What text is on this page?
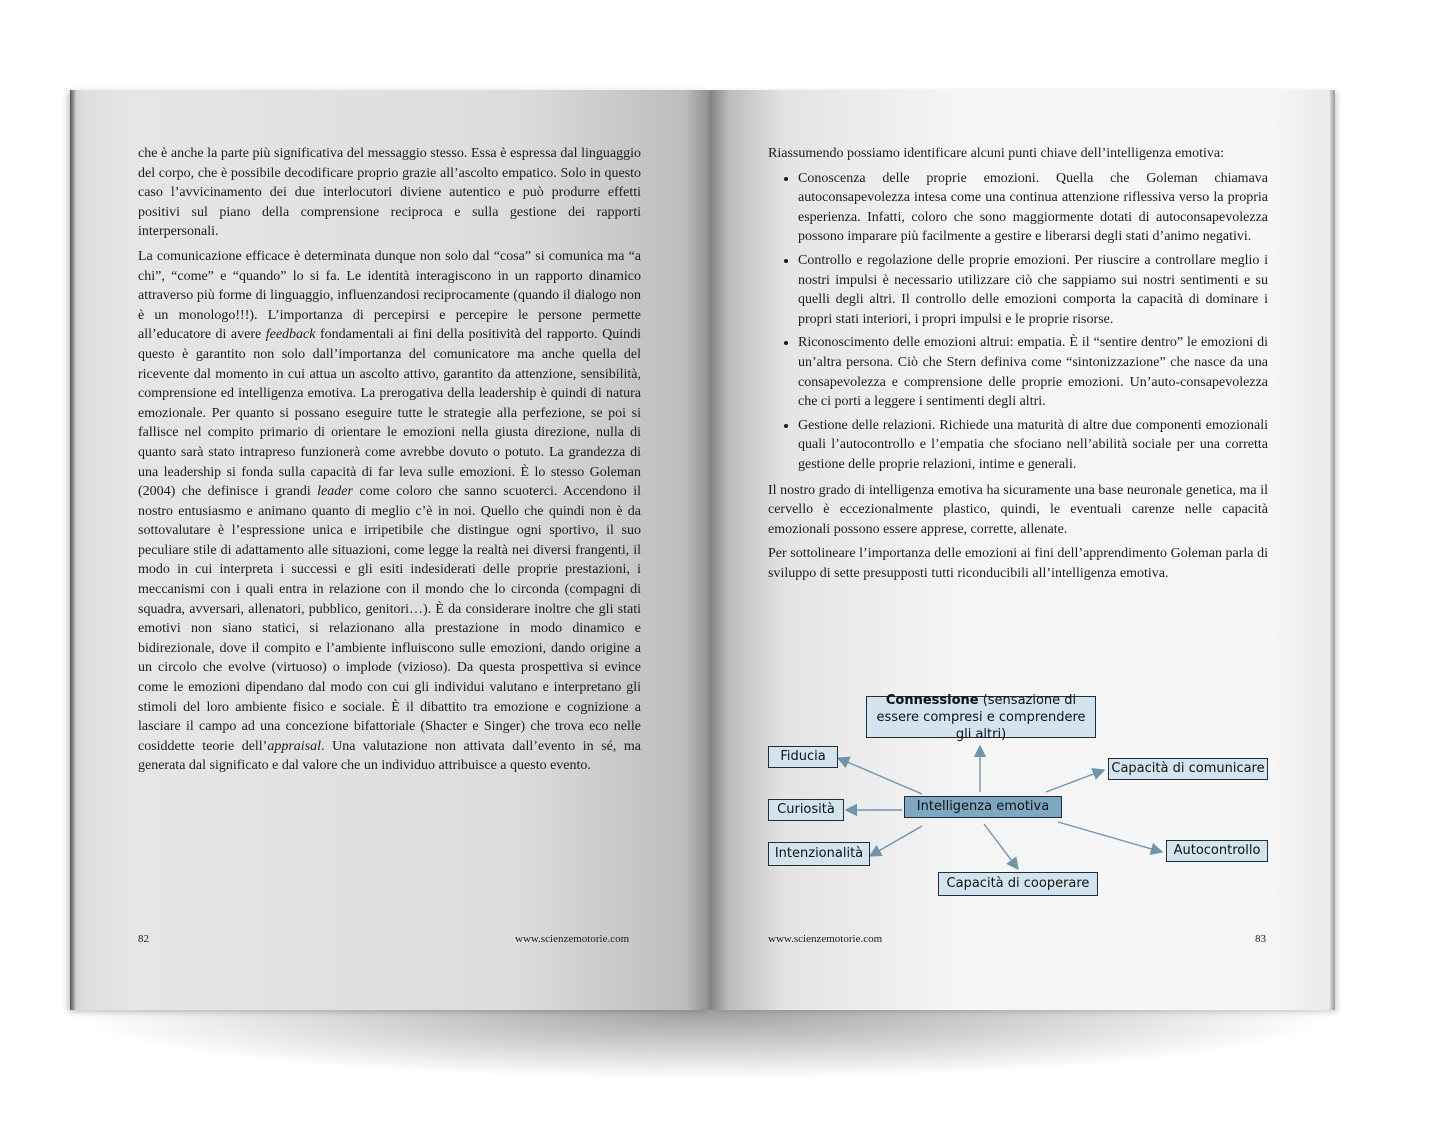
che è anche la parte più significativa del messaggio stesso. Essa è espressa dal linguaggio del corpo, che è possibile decodificare proprio grazie all’ascolto empatico. Solo in questo caso l’avvicinamento dei due interlocutori diviene autentico e può produrre effetti positivi sul piano della comprensione reciproca e sulla gestione dei rapporti interpersonali.

La comunicazione efficace è determinata dunque non solo dal “cosa” si comunica ma “a chi”, “come” e “quando” lo si fa. Le identità interagiscono in un rapporto dinamico attraverso più forme di linguaggio, influenzandosi reciprocamente (quando il dialogo non è un monologo!!!). L’importanza di percepirsi e percepire le persone permette all’educatore di avere feedback fondamentali ai fini della positività del rapporto. Quindi questo è garantito non solo dall’importanza del comunicatore ma anche quella del ricevente dal momento in cui attua un ascolto attivo, garantito da attenzione, sensibilità, comprensione ed intelligenza emotiva. La prerogativa della leadership è quindi di natura emozionale. Per quanto si possano eseguire tutte le strategie alla perfezione, se poi si fallisce nel compito primario di orientare le emozioni nella giusta direzione, nulla di quanto sarà stato intrapreso funzionerà come avrebbe dovuto o potuto. La grandezza di una leadership si fonda sulla capacità di far leva sulle emozioni. È lo stesso Goleman (2004) che definisce i grandi leader come coloro che sanno scuoterci. Accendono il nostro entusiasmo e animano quanto di meglio c’è in noi. Quello che quindi non è da sottovalutare è l’espressione unica e irripetibile che distingue ogni sportivo, il suo peculiare stile di adattamento alle situazioni, come legge la realtà nei diversi frangenti, il modo in cui interpreta i successi e gli esiti indesiderati delle proprie prestazioni, i meccanismi con i quali entra in relazione con il mondo che lo circonda (compagni di squadra, avversari, allenatori, pubblico, genitori…). È da considerare inoltre che gli stati emotivi non siano statici, si relazionano alla prestazione in modo dinamico e bidirezionale, dove il compito e l’ambiente influiscono sulle emozioni, dando origine a un circolo che evolve (virtuoso) o implode (vizioso). Da questa prospettiva si evince come le emozioni dipendano dal modo con cui gli individui valutano e interpretano gli stimoli del loro ambiente fisico e sociale. È il dibattito tra emozione e cognizione a lasciare il campo ad una concezione bifattoriale (Shacter e Singer) che trova eco nelle cosiddette teorie dell’appraisal. Una valutazione non attivata dall’evento in sé, ma generata dal significato e dal valore che un individuo attribuisce a questo evento.

82	www.scienzemotorie.com

Riassumendo possiamo identificare alcuni punti chiave dell’intelligenza emotiva:

• Conoscenza delle proprie emozioni. Quella che Goleman chiamava autoconsapevolezza intesa come una continua attenzione riflessiva verso la propria esperienza. Infatti, coloro che sono maggiormente dotati di autoconsapevolezza possono imparare più facilmente a gestire e liberarsi degli stati d’animo negativi.
• Controllo e regolazione delle proprie emozioni. Per riuscire a controllare meglio i nostri impulsi è necessario utilizzare ciò che sappiamo sui nostri sentimenti e su quelli degli altri. Il controllo delle emozioni comporta la capacità di dominare i propri stati interiori, i propri impulsi e le proprie risorse.
• Riconoscimento delle emozioni altrui: empatia. È il “sentire dentro” le emozioni di un’altra persona. Ciò che Stern definiva come “sintonizzazione” che nasce da una consapevolezza e comprensione delle proprie emozioni. Un’auto-consapevolezza che ci porti a leggere i sentimenti degli altri.
• Gestione delle relazioni. Richiede una maturità di altre due componenti emozionali quali l’autocontrollo e l’empatia che sfociano nell’abilità sociale per una corretta gestione delle proprie relazioni, intime e generali.

Il nostro grado di intelligenza emotiva ha sicuramente una base neuronale genetica, ma il cervello è eccezionalmente plastico, quindi, le eventuali carenze nelle capacità emozionali possono essere apprese, corrette, allenate.

Per sottolineare l’importanza delle emozioni ai fini dell’apprendimento Goleman parla di sviluppo di sette presupposti tutti riconducibili all’intelligenza emotiva.

Connessione (sensazione di essere compresi e comprendere gli altri)
Fiducia
Curiosità
Intenzionalità
Intelligenza emotiva
Capacità di comunicare
Autocontrollo
Capacità di cooperare
www.scienzemotorie.com	83
